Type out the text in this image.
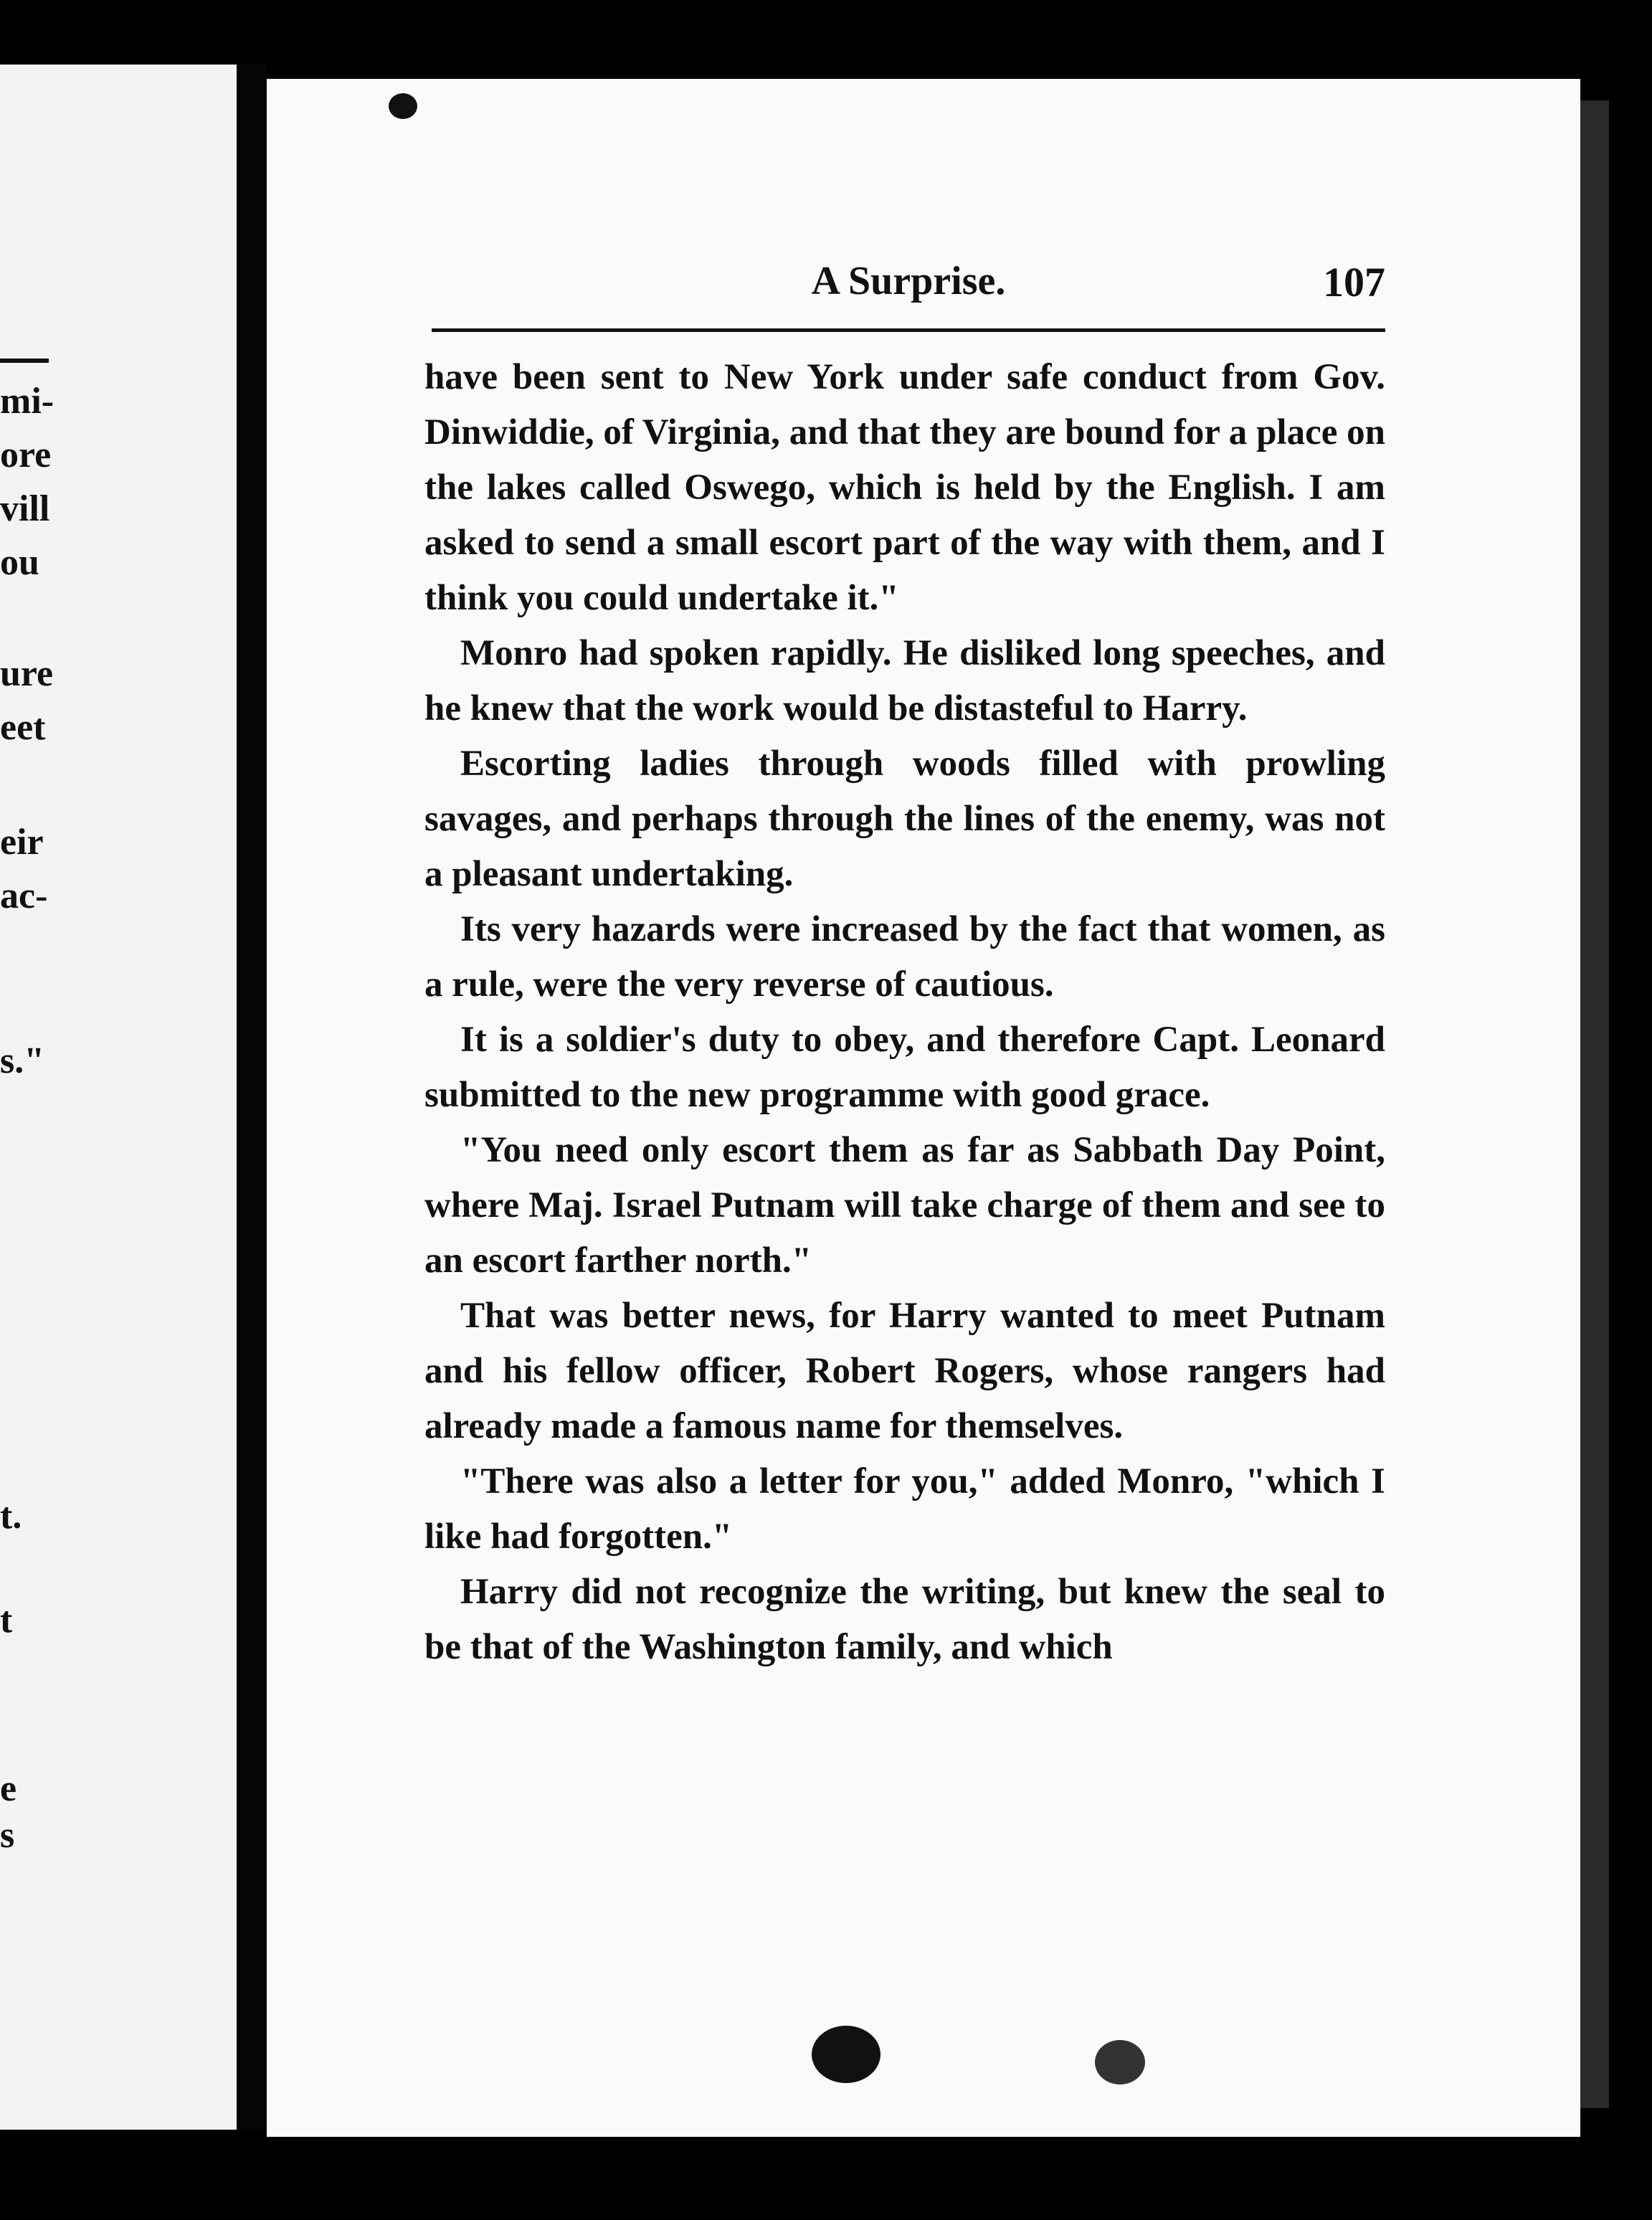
mi-

ore

vill

ou

ure

eet

eir

ac-

s."

t.

t

e

s

A Surprise.	107

have been sent to New York under safe conduct from Gov. Dinwiddie, of Virginia, and that they are bound for a place on the lakes called Oswego, which is held by the English. I am asked to send a small escort part of the way with them, and I think you could undertake it."

Monro had spoken rapidly. He disliked long speeches, and he knew that the work would be distasteful to Harry.

Escorting ladies through woods filled with prowling savages, and perhaps through the lines of the enemy, was not a pleasant undertaking.

Its very hazards were increased by the fact that women, as a rule, were the very reverse of cautious.

It is a soldier's duty to obey, and therefore Capt. Leonard submitted to the new programme with good grace.

"You need only escort them as far as Sabbath Day Point, where Maj. Israel Putnam will take charge of them and see to an escort farther north."

That was better news, for Harry wanted to meet Putnam and his fellow officer, Robert Rogers, whose rangers had already made a famous name for themselves.

"There was also a letter for you," added Monro, "which I like had forgotten."

Harry did not recognize the writing, but knew the seal to be that of the Washington family, and which
